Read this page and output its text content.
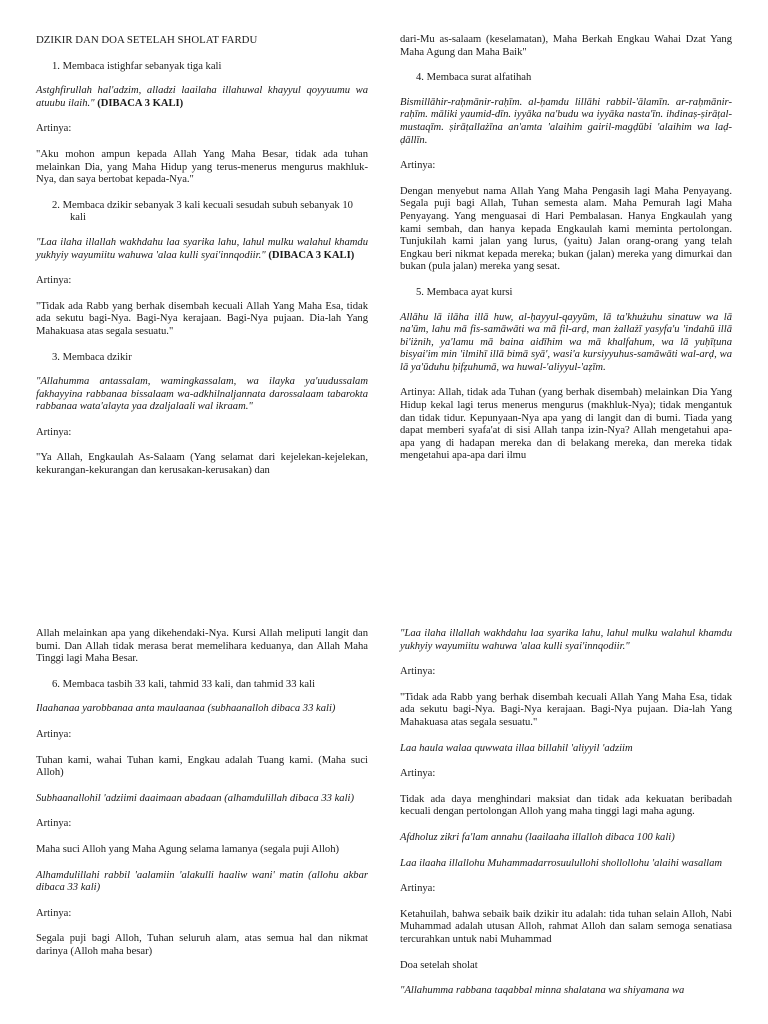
DZIKIR DAN DOA SETELAH SHOLAT FARDU

1. Membaca istighfar sebanyak tiga kali

Astghfirullah hal'adzim, alladzi laailaha illahuwal khayyul qoyyuumu wa atuubu ilaih." (DIBACA 3 KALI)

Artinya:

"Aku mohon ampun kepada Allah Yang Maha Besar, tidak ada tuhan melainkan Dia, yang Maha Hidup yang terus-menerus mengurus makhluk-Nya, dan saya bertobat kepada-Nya."

2. Membaca dzikir sebanyak 3 kali kecuali sesudah subuh sebanyak 10 kali

"Laa ilaha illallah wakhdahu laa syarika lahu, lahul mulku walahul khamdu yukhyiy wayumiitu wahuwa 'alaa kulli syai'innqodiir." (DIBACA 3 KALI)

Artinya:

"Tidak ada Rabb yang berhak disembah kecuali Allah Yang Maha Esa, tidak ada sekutu bagi-Nya. Bagi-Nya kerajaan. Bagi-Nya pujaan. Dia-lah Yang Mahakuasa atas segala sesuatu."

3. Membaca dzikir

"Allahumma antassalam, wamingkassalam, wa ilayka ya'uudussalam fakhayyina rabbanaa bissalaam wa-adkhilnaljannata darossalaam tabarokta rabbanaa wata'alayta yaa dzaljalaali wal ikraam."

Artinya:

"Ya Allah, Engkaulah As-Salaam (Yang selamat dari kejelekan-kejelekan, kekurangan-kekurangan dan kerusakan-kerusakan) dan

dari-Mu as-salaam (keselamatan), Maha Berkah Engkau Wahai Dzat Yang Maha Agung dan Maha Baik"

4. Membaca surat alfatihah

Bismillāhir-raḥmānir-raḥīm. al-ḥamdu lillāhi rabbil-'ālamīn. ar-raḥmānir-raḥīm. māliki yaumid-dīn. iyyāka na'budu wa iyyāka nasta'īn. ihdinaṣ-ṣirāṭal-mustaqīm. ṣirāṭallażīna an'amta 'alaihim gairil-magḍūbi 'alaihim wa laḍ-ḍāllīn.

Artinya:

Dengan menyebut nama Allah Yang Maha Pengasih lagi Maha Penyayang. Segala puji bagi Allah, Tuhan semesta alam. Maha Pemurah lagi Maha Penyayang. Yang menguasai di Hari Pembalasan. Hanya Engkaulah yang kami sembah, dan hanya kepada Engkaulah kami meminta pertolongan. Tunjukilah kami jalan yang lurus, (yaitu) Jalan orang-orang yang telah Engkau beri nikmat kepada mereka; bukan (jalan) mereka yang dimurkai dan bukan (pula jalan) mereka yang sesat.

5. Membaca ayat kursi

Allāhu lā ilāha illā huw, al-ḥayyul-qayyūm, lā ta'khużuhu sinatuw wa lā na'ūm, lahu mā fis-samāwāti wa mā fil-arḍ, man żallażī yasyfa'u 'indahū illā bi'iżnih, ya'lamu mā baina aidīhim wa mā khalfahum, wa lā yuḥīṭuna bisyai'im min 'ilmihī illā bimā syā', wasi'a kursiyyuhus-samāwāti wal-arḍ, wa lā ya'ūduhu ḥifẓuhumā, wa huwal-'aliyyul-'aẓīm.

Artinya: Allah, tidak ada Tuhan (yang berhak disembah) melainkan Dia Yang Hidup kekal lagi terus menerus mengurus (makhluk-Nya); tidak mengantuk dan tidak tidur. Kepunyaan-Nya apa yang di langit dan di bumi. Tiada yang dapat memberi syafa'at di sisi Allah tanpa izin-Nya? Allah mengetahui apa-apa yang di hadapan mereka dan di belakang mereka, dan mereka tidak mengetahui apa-apa dari ilmu

Allah melainkan apa yang dikehendaki-Nya. Kursi Allah meliputi langit dan bumi. Dan Allah tidak merasa berat memelihara keduanya, dan Allah Maha Tinggi lagi Maha Besar.

6. Membaca tasbih 33 kali, tahmid 33 kali, dan tahmid 33 kali

Ilaahanaa yarobbanaa anta maulaanaa (subhaanalloh dibaca 33 kali)

Artinya:

Tuhan kami, wahai Tuhan kami, Engkau adalah Tuang kami. (Maha suci Alloh)

Subhaanallohil 'adziimi daaimaan abadaan (alhamdulillah dibaca 33 kali)

Artinya:

Maha suci Alloh yang Maha Agung selama lamanya (segala puji Alloh)

Alhamdulillahi rabbil 'aalamiin 'alakulli haaliw wani' matin (allohu akbar dibaca 33 kali)

Artinya:

Segala puji bagi Alloh, Tuhan seluruh alam, atas semua hal dan nikmat darinya (Alloh maha besar)

"Laa ilaha illallah wakhdahu laa syarika lahu, lahul mulku walahul khamdu yukhyiy wayumiitu wahuwa 'alaa kulli syai'innqodiir."

Artinya:

"Tidak ada Rabb yang berhak disembah kecuali Allah Yang Maha Esa, tidak ada sekutu bagi-Nya. Bagi-Nya kerajaan. Bagi-Nya pujaan. Dia-lah Yang Mahakuasa atas segala sesuatu."

Laa haula walaa quwwata illaa billahil 'aliyyil 'adziim

Artinya:

Tidak ada daya menghindari maksiat dan tidak ada kekuatan beribadah kecuali dengan pertolongan Alloh yang maha tinggi lagi maha agung.

Afdholuz zikri fa'lam annahu (laailaaha illalloh dibaca 100 kali)

Laa ilaaha illallohu Muhammadarrosuulullohi shollollohu 'alaihi wasallam

Artinya:

Ketahuilah, bahwa sebaik baik dzikir itu adalah: tida tuhan selain Alloh, Nabi Muhammad adalah utusan Alloh, rahmat Alloh dan salam semoga senatiasa tercurahkan untuk nabi Muhammad

Doa setelah sholat

"Allahumma rabbana taqabbal minna shalatana wa shiyamana wa
